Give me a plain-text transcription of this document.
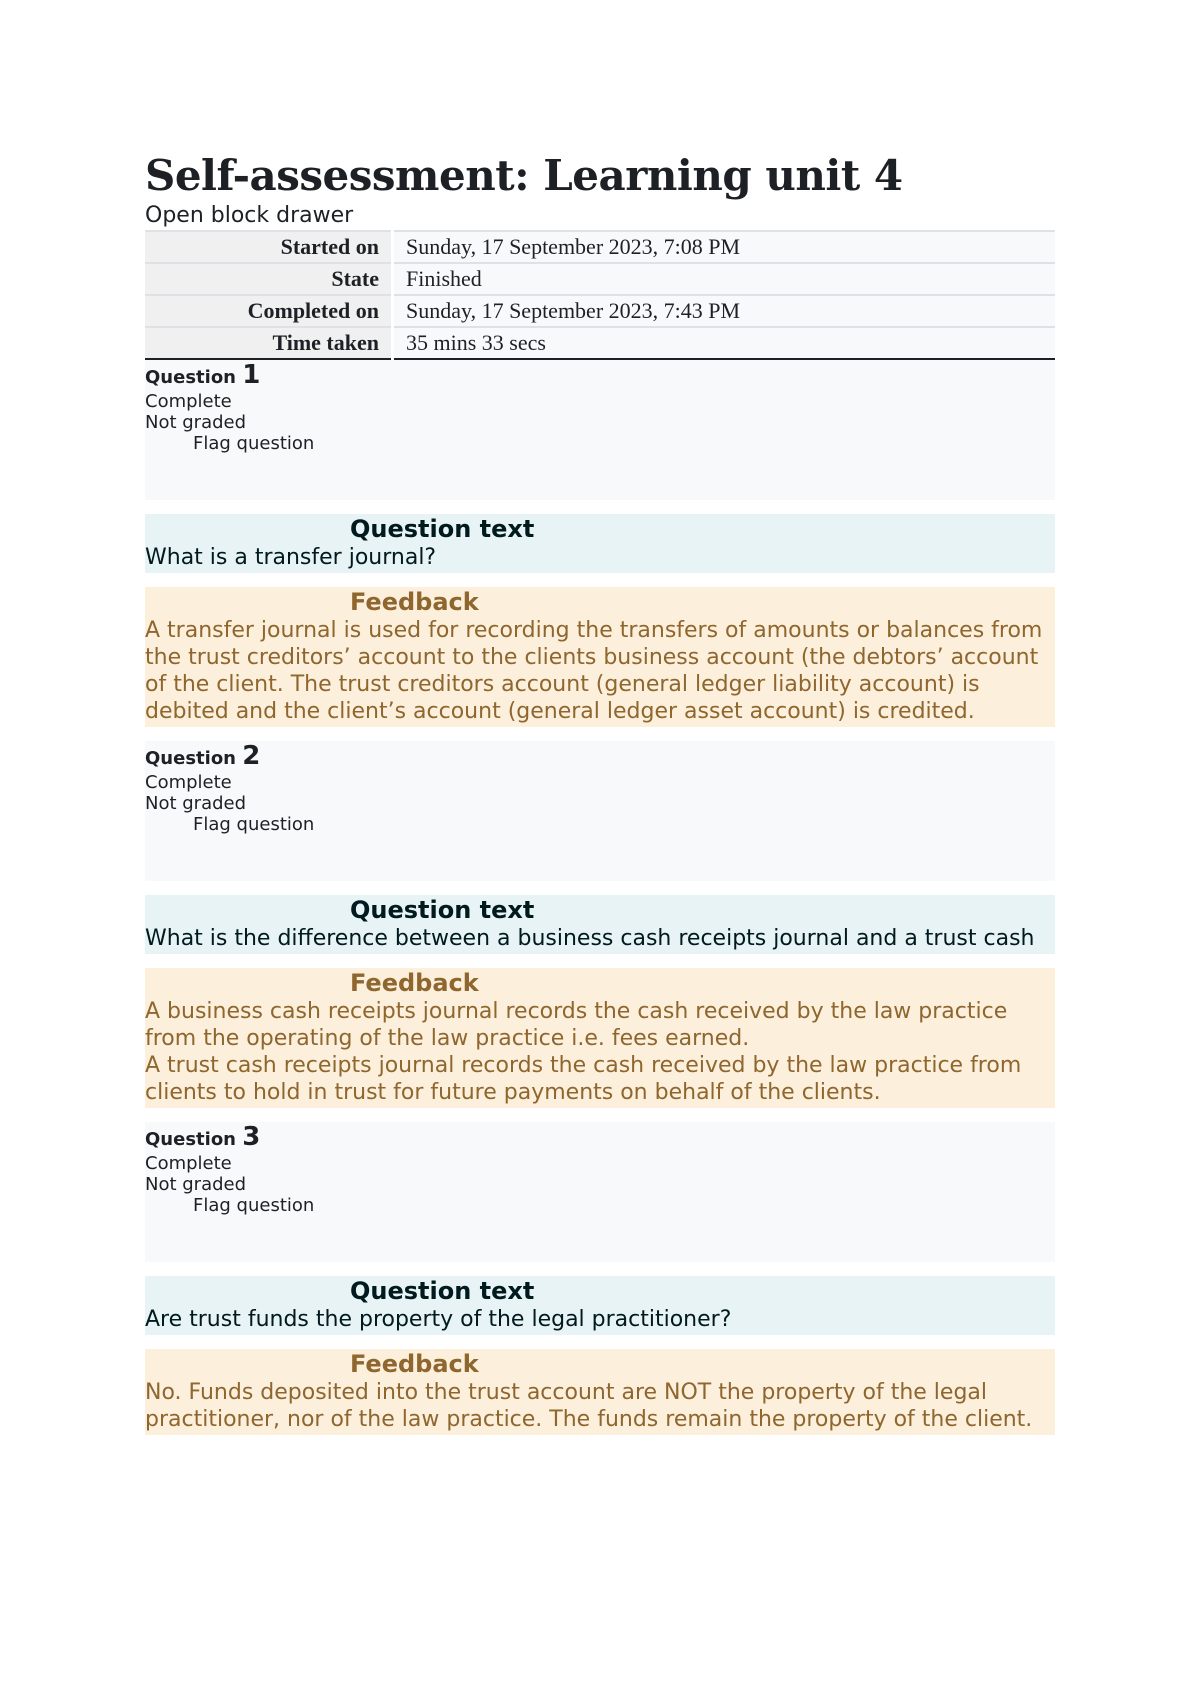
Self-assessment: Learning unit 4
Open block drawer
Started on	Sunday, 17 September 2023, 7:08 PM
State	Finished
Completed on	Sunday, 17 September 2023, 7:43 PM
Time taken	35 mins 33 secs
Question 1
Complete
Not graded
Flag question
Question text
What is a transfer journal?
Feedback

A transfer journal is used for recording the transfers of amounts or balances from the trust creditors’ account to the clients business account (the debtors’ account of the client. The trust creditors account (general ledger liability account) is debited and the client’s account (general ledger asset account) is credited.

Question 2
Complete
Not graded
Flag question
Question text
What is the difference between a business cash receipts journal and a trust cash
Feedback

A business cash receipts journal records the cash received by the law practice from the operating of the law practice i.e. fees earned.

A trust cash receipts journal records the cash received by the law practice from clients to hold in trust for future payments on behalf of the clients.

Question 3
Complete
Not graded
Flag question
Question text
Are trust funds the property of the legal practitioner?
Feedback

No. Funds deposited into the trust account are NOT the property of the legal practitioner, nor of the law practice. The funds remain the property of the client.
